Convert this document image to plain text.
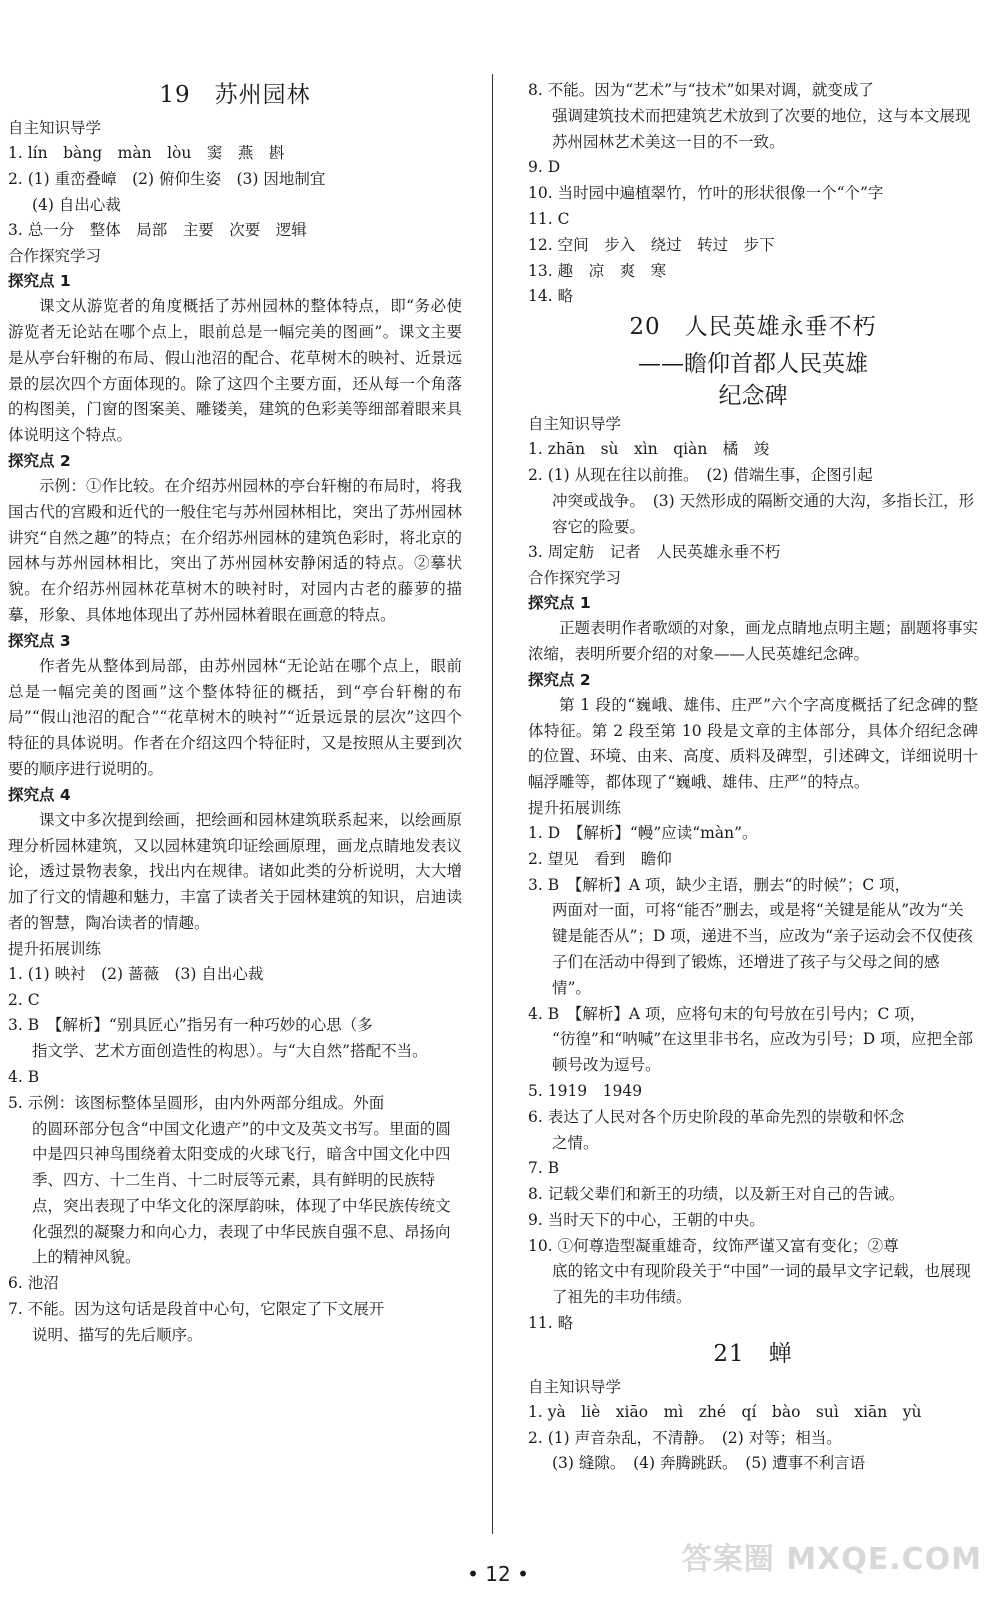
19　苏州园林
自主知识导学
1. lín　bàng　màn　lòu　窦　燕　斟
2. (1) 重峦叠嶂　(2) 俯仰生姿　(3) 因地制宜
(4) 自出心裁
3. 总一分　整体　局部　主要　次要　逻辑
合作探究学习
探究点 1
课文从游览者的角度概括了苏州园林的整体特点，即“务必使游览者无论站在哪个点上，眼前总是一幅完美的图画”。课文主要是从亭台轩榭的布局、假山池沼的配合、花草树木的映衬、近景远景的层次四个方面体现的。除了这四个主要方面，还从每一个角落的构图美，门窗的图案美、雕镂美，建筑的色彩美等细部着眼来具体说明这个特点。
探究点 2
示例：①作比较。在介绍苏州园林的亭台轩榭的布局时，将我国古代的宫殿和近代的一般住宅与苏州园林相比，突出了苏州园林讲究“自然之趣”的特点；在介绍苏州园林的建筑色彩时，将北京的园林与苏州园林相比，突出了苏州园林安静闲适的特点。②摹状貌。在介绍苏州园林花草树木的映衬时，对园内古老的藤萝的描摹，形象、具体地体现出了苏州园林着眼在画意的特点。
探究点 3
作者先从整体到局部，由苏州园林“无论站在哪个点上，眼前总是一幅完美的图画”这个整体特征的概括，到“亭台轩榭的布局”“假山池沼的配合”“花草树木的映衬”“近景远景的层次”这四个特征的具体说明。作者在介绍这四个特征时，又是按照从主要到次要的顺序进行说明的。
探究点 4
课文中多次提到绘画，把绘画和园林建筑联系起来，以绘画原理分析园林建筑，又以园林建筑印证绘画原理，画龙点睛地发表议论，透过景物表象，找出内在规律。诸如此类的分析说明，大大增加了行文的情趣和魅力，丰富了读者关于园林建筑的知识，启迪读者的智慧，陶冶读者的情趣。
提升拓展训练
1. (1) 映衬　(2) 蔷薇　(3) 自出心裁
2. C
3. B　【解析】“别具匠心”指另有一种巧妙的心思（多
指文学、艺术方面创造性的构思）。与“大自然”搭配不当。
4. B
5. 示例：该图标整体呈圆形，由内外两部分组成。外面
的圆环部分包含“中国文化遗产”的中文及英文书写。里面的圆中是四只神鸟围绕着太阳变成的火球飞行，暗含中国文化中四季、四方、十二生肖、十二时辰等元素，具有鲜明的民族特点，突出表现了中华文化的深厚韵味，体现了中华民族传统文化强烈的凝聚力和向心力，表现了中华民族自强不息、昂扬向上的精神风貌。
6. 池沼
7. 不能。因为这句话是段首中心句，它限定了下文展开
说明、描写的先后顺序。
8. 不能。因为“艺术”与“技术”如果对调，就变成了
强调建筑技术而把建筑艺术放到了次要的地位，这与本文展现苏州园林艺术美这一目的不一致。
9. D
10. 当时园中遍植翠竹，竹叶的形状很像一个“个”字
11. C
12. 空间　步入　绕过　转过　步下
13. 趣　凉　爽　寒
14. 略
20　人民英雄永垂不朽
——瞻仰首都人民英雄
纪念碑
自主知识导学
1. zhān　sù　xìn　qiàn　橘　竣
2. (1) 从现在往以前推。　(2) 借端生事，企图引起
冲突或战争。　(3) 天然形成的隔断交通的大沟，多指长江，形容它的险要。
3. 周定舫　记者　人民英雄永垂不朽
合作探究学习
探究点 1
正题表明作者歌颂的对象，画龙点睛地点明主题；副题将事实浓缩，表明所要介绍的对象——人民英雄纪念碑。
探究点 2
第 1 段的“巍峨、雄伟、庄严”六个字高度概括了纪念碑的整体特征。第 2 段至第 10 段是文章的主体部分，具体介绍纪念碑的位置、环境、由来、高度、质料及碑型，引述碑文，详细说明十幅浮雕等，都体现了“巍峨、雄伟、庄严”的特点。
提升拓展训练
1. D　【解析】“幔”应读“màn”。
2. 望见　看到　瞻仰
3. B　【解析】A 项，缺少主语，删去“的时候”；C 项，
两面对一面，可将“能否”删去，或是将“关键是能从”改为“关键是能否从”；D 项，递进不当，应改为“亲子运动会不仅使孩子们在活动中得到了锻炼，还增进了孩子与父母之间的感情”。
4. B　【解析】A 项，应将句末的句号放在引号内；C 项，
“彷徨”和“呐喊”在这里非书名，应改为引号；D 项，应把全部顿号改为逗号。
5. 1919　1949
6. 表达了人民对各个历史阶段的革命先烈的崇敬和怀念
之情。
7. B
8. 记载父辈们和新王的功绩，以及新王对自己的告诫。
9. 当时天下的中心，王朝的中央。
10. ①何尊造型凝重雄奇，纹饰严谨又富有变化；②尊
底的铭文中有现阶段关于“中国”一词的最早文字记载，也展现了祖先的丰功伟绩。
11. 略
21　蝉
自主知识导学
1. yà　liè　xiāo　mì　zhé　qí　bào　suì　xiān　yù
2. (1) 声音杂乱，不清静。　(2) 对等；相当。
(3) 缝隙。　(4) 奔腾跳跃。　(5) 遭事不利言语
• 12 •	答案圈 MXQE.COM
